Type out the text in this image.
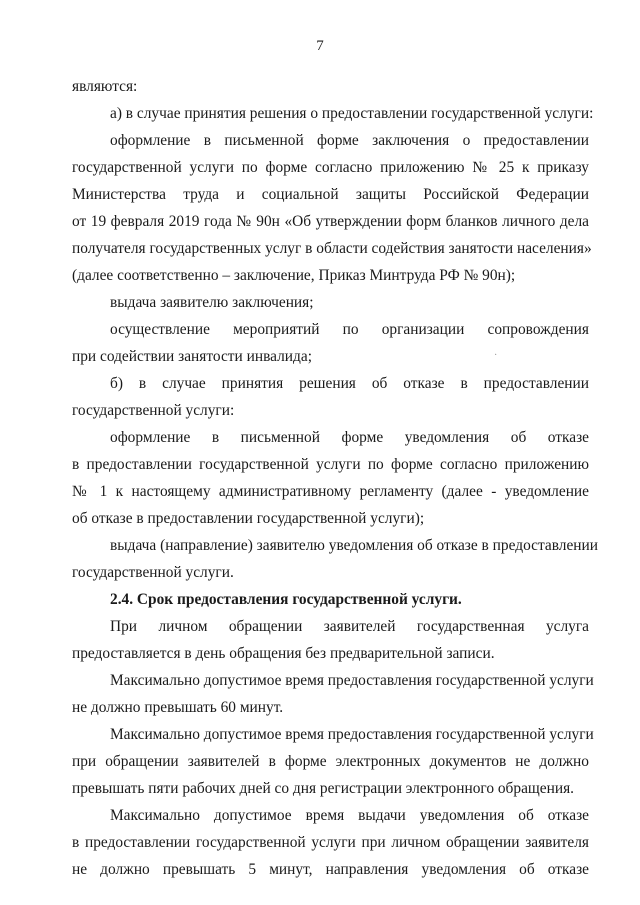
7
являются:
а) в случае принятия решения о предоставлении государственной услуги:
оформление в письменной форме заключения о предоставлении
государственной услуги по форме согласно приложению № 25 к приказу
Министерства труда и социальной защиты Российской Федерации
от 19 февраля 2019 года № 90н «Об утверждении форм бланков личного дела
получателя государственных услуг в области содействия занятости населения»
(далее соответственно – заключение, Приказ Минтруда РФ № 90н);
выдача заявителю заключения;
осуществление мероприятий по организации сопровождения
при содействии занятости инвалида;
б) в случае принятия решения об отказе в предоставлении
государственной услуги:
оформление в письменной форме уведомления об отказе
в предоставлении государственной услуги по форме согласно приложению
№ 1 к настоящему административному регламенту (далее - уведомление
об отказе в предоставлении государственной услуги);
выдача (направление) заявителю уведомления об отказе в предоставлении
государственной услуги.
2.4. Срок предоставления государственной услуги.
При личном обращении заявителей государственная услуга
предоставляется в день обращения без предварительной записи.
Максимально допустимое время предоставления государственной услуги
не должно превышать 60 минут.
Максимально допустимое время предоставления государственной услуги
при обращении заявителей в форме электронных документов не должно
превышать пяти рабочих дней со дня регистрации электронного обращения.
Максимально допустимое время выдачи уведомления об отказе
в предоставлении государственной услуги при личном обращении заявителя
не должно превышать 5 минут, направления уведомления об отказе
·
